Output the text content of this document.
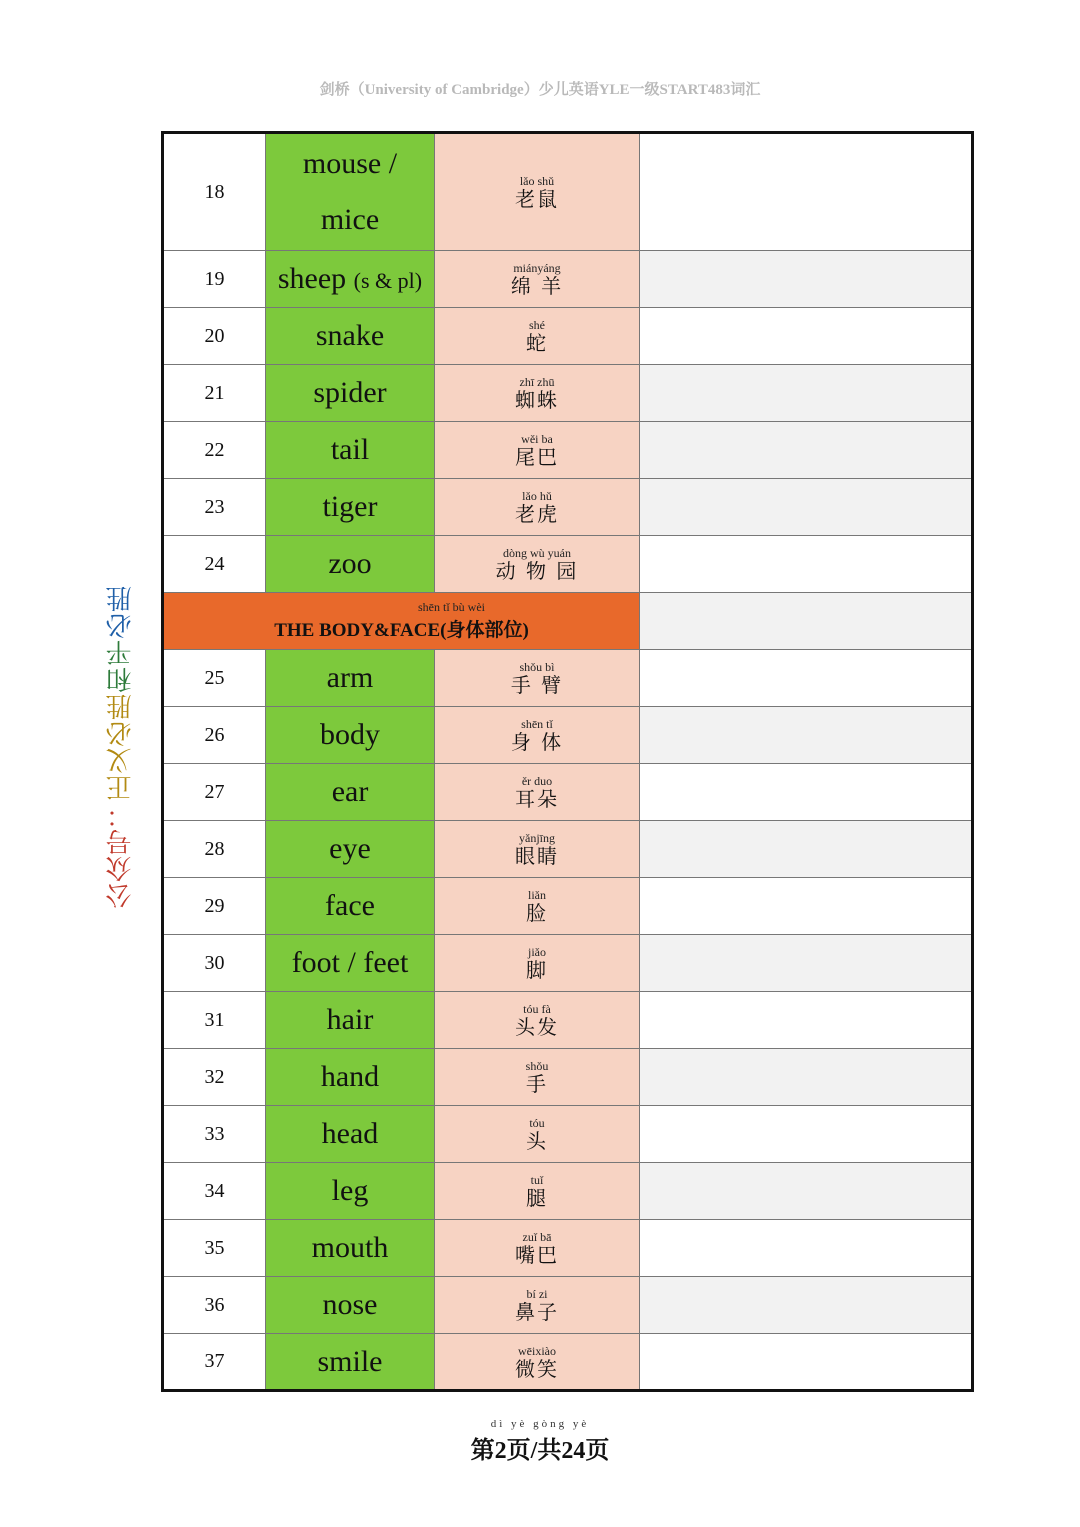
剑桥（University of Cambridge）少儿英语YLE一级START483词汇
公众号：
正义必胜
和平
必胜
18	mouse / mice	lǎo shǔ
老鼠	

19	sheep (s & pl)	miányáng
绵 羊	

20	snake	shé
蛇	

21	spider	zhī zhū
蜘蛛	

22	tail	wěi ba
尾巴	

23	tiger	lǎo hǔ
老虎	

24	zoo	dòng wù yuán
动 物 园	

shēn tǐ bù wèi
THE BODY&FACE(身体部位)			

25	arm	shǒu bì
手 臂	

26	body	shēn tǐ
身 体	

27	ear	ěr duo
耳朵	

28	eye	yǎnjīng
眼睛	

29	face	liǎn
脸	

30	foot / feet	jiǎo
脚	

31	hair	tóu fà
头发	

32	hand	shǒu
手	

33	head	tóu
头	

34	leg	tuǐ
腿	

35	mouth	zuǐ bā
嘴巴	

36	nose	bí zi
鼻子	

37	smile	wēixiào
微笑	

dì yè gòng yè
第2页/共24页
